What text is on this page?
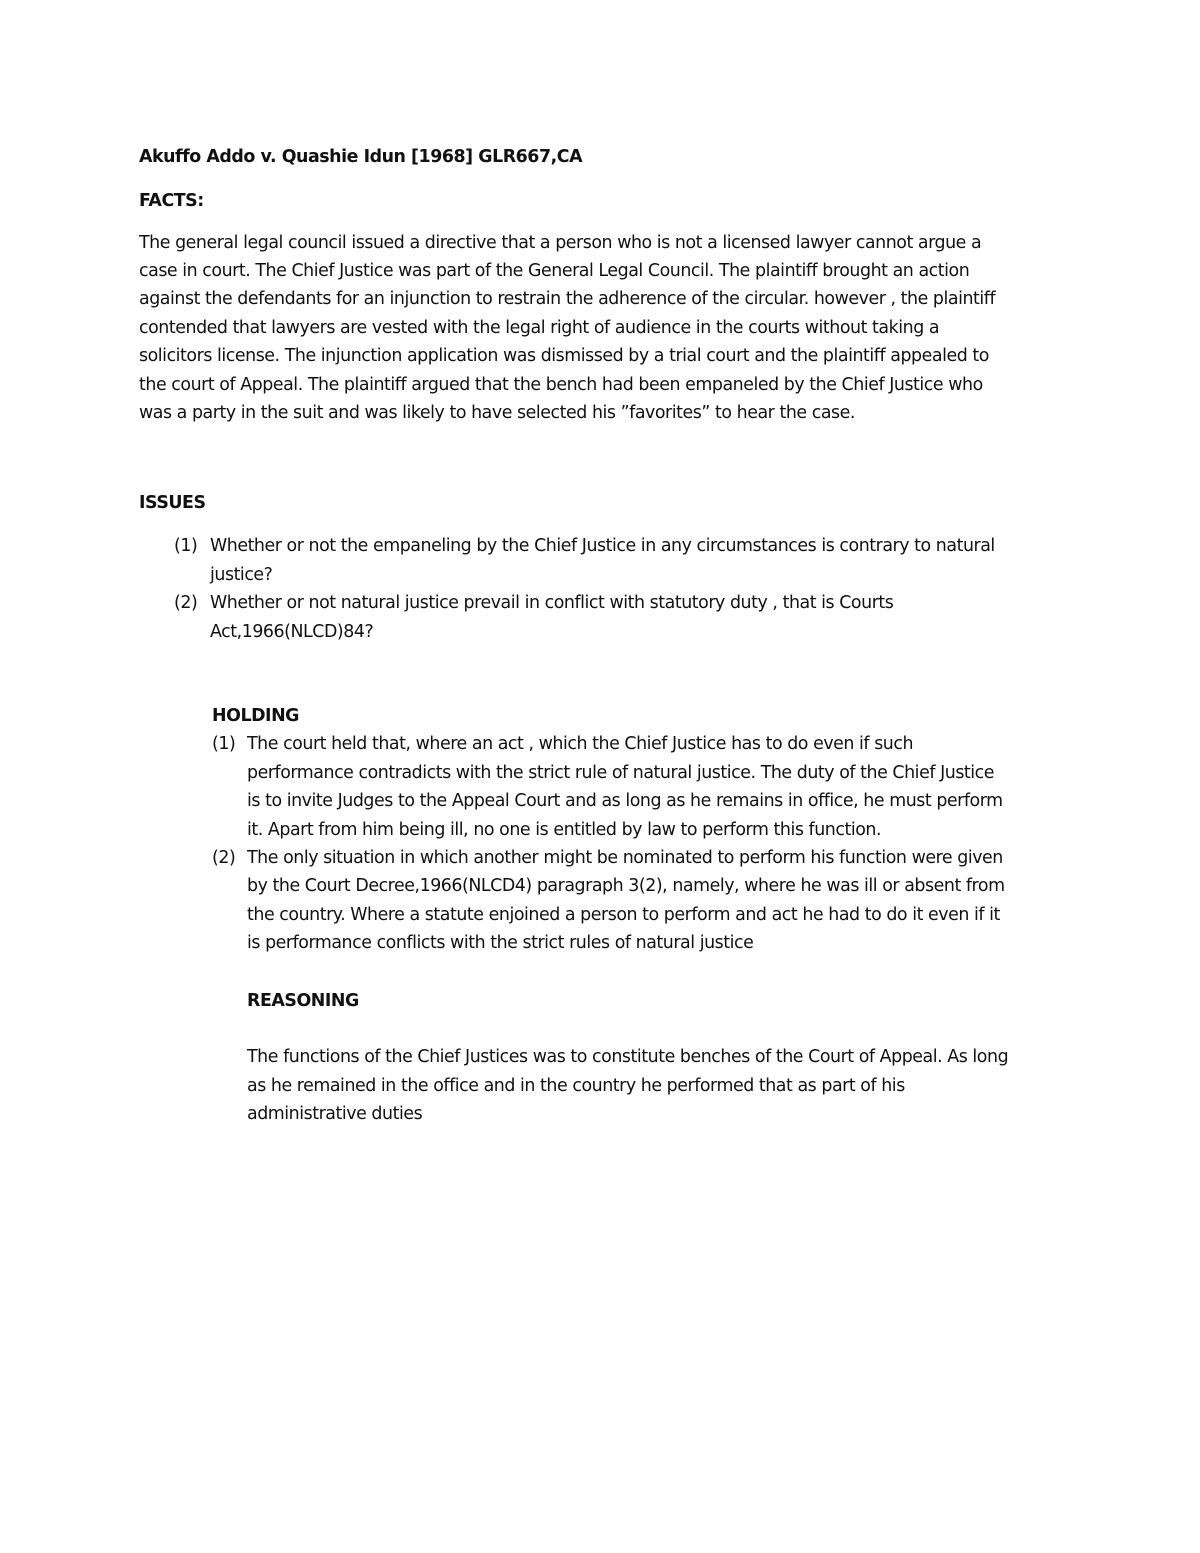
Akuffo Addo v. Quashie Idun [1968] GLR667,CA
FACTS:
The general legal council issued a directive that a person who is not a licensed lawyer cannot argue a
case in court. The Chief Justice was part of the General Legal Council. The plaintiff brought an action
against the defendants for an injunction to restrain the adherence of the circular. however , the plaintiff
contended that lawyers are vested with the legal right of audience in the courts without taking a
solicitors license. The injunction application was dismissed by a trial court and the plaintiff appealed to
the court of Appeal. The plaintiff argued that the bench had been empaneled by the Chief Justice who
was a party in the suit and was likely to have selected his ”favorites” to hear the case.
ISSUES
(1) Whether or not the empaneling by the Chief Justice in any circumstances is contrary to natural
justice?
(2) Whether or not natural justice prevail in conflict with statutory duty , that is Courts
Act,1966(NLCD)84?
HOLDING
(1) The court held that, where an act , which the Chief Justice has to do even if such
performance contradicts with the strict rule of natural justice. The duty of the Chief Justice
is to invite Judges to the Appeal Court and as long as he remains in office, he must perform
it. Apart from him being ill, no one is entitled by law to perform this function.
(2) The only situation in which another might be nominated to perform his function were given
by the Court Decree,1966(NLCD4) paragraph 3(2), namely, where he was ill or absent from
the country. Where a statute enjoined a person to perform and act he had to do it even if it
is performance conflicts with the strict rules of natural justice
REASONING
The functions of the Chief Justices was to constitute benches of the Court of Appeal. As long
as he remained in the office and in the country he performed that as part of his
administrative duties
